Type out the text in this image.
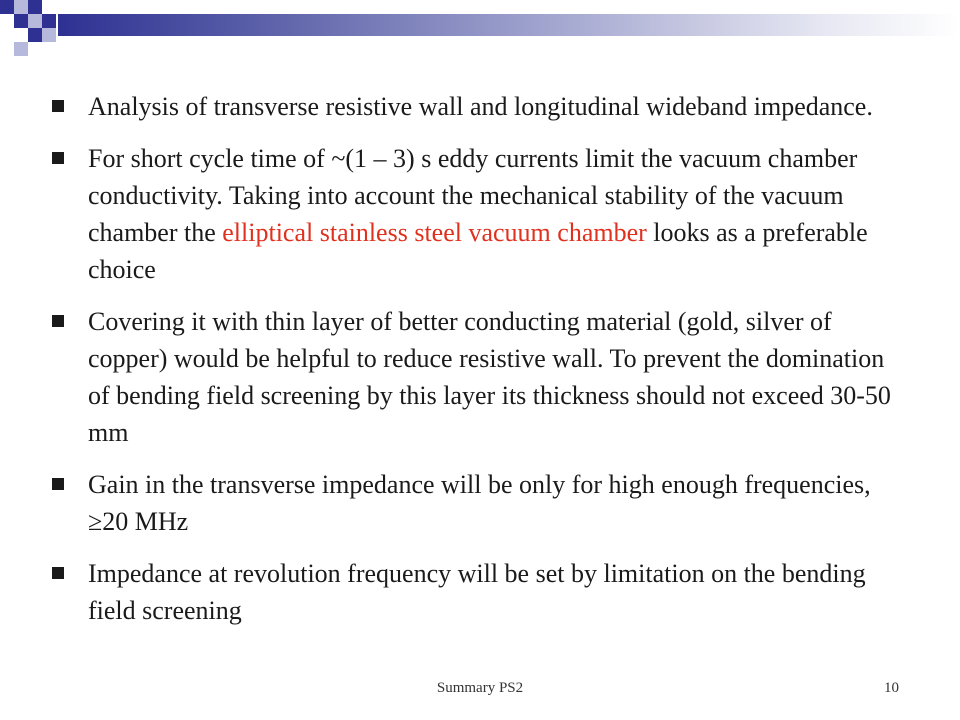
Analysis of transverse resistive wall and longitudinal wideband impedance.
For short cycle time of ~(1 – 3) s eddy currents limit the vacuum chamber conductivity. Taking into account the mechanical stability of the vacuum chamber the elliptical stainless steel vacuum chamber looks as a preferable choice
Covering it with thin layer of better conducting material (gold, silver of copper) would be helpful to reduce resistive wall. To prevent the domination of bending field screening by this layer its thickness should not exceed 30-50 mm
Gain in the transverse impedance will be only for high enough frequencies, ≥20 MHz
Impedance at revolution frequency will be set by limitation on the bending field screening
Summary PS2	10
